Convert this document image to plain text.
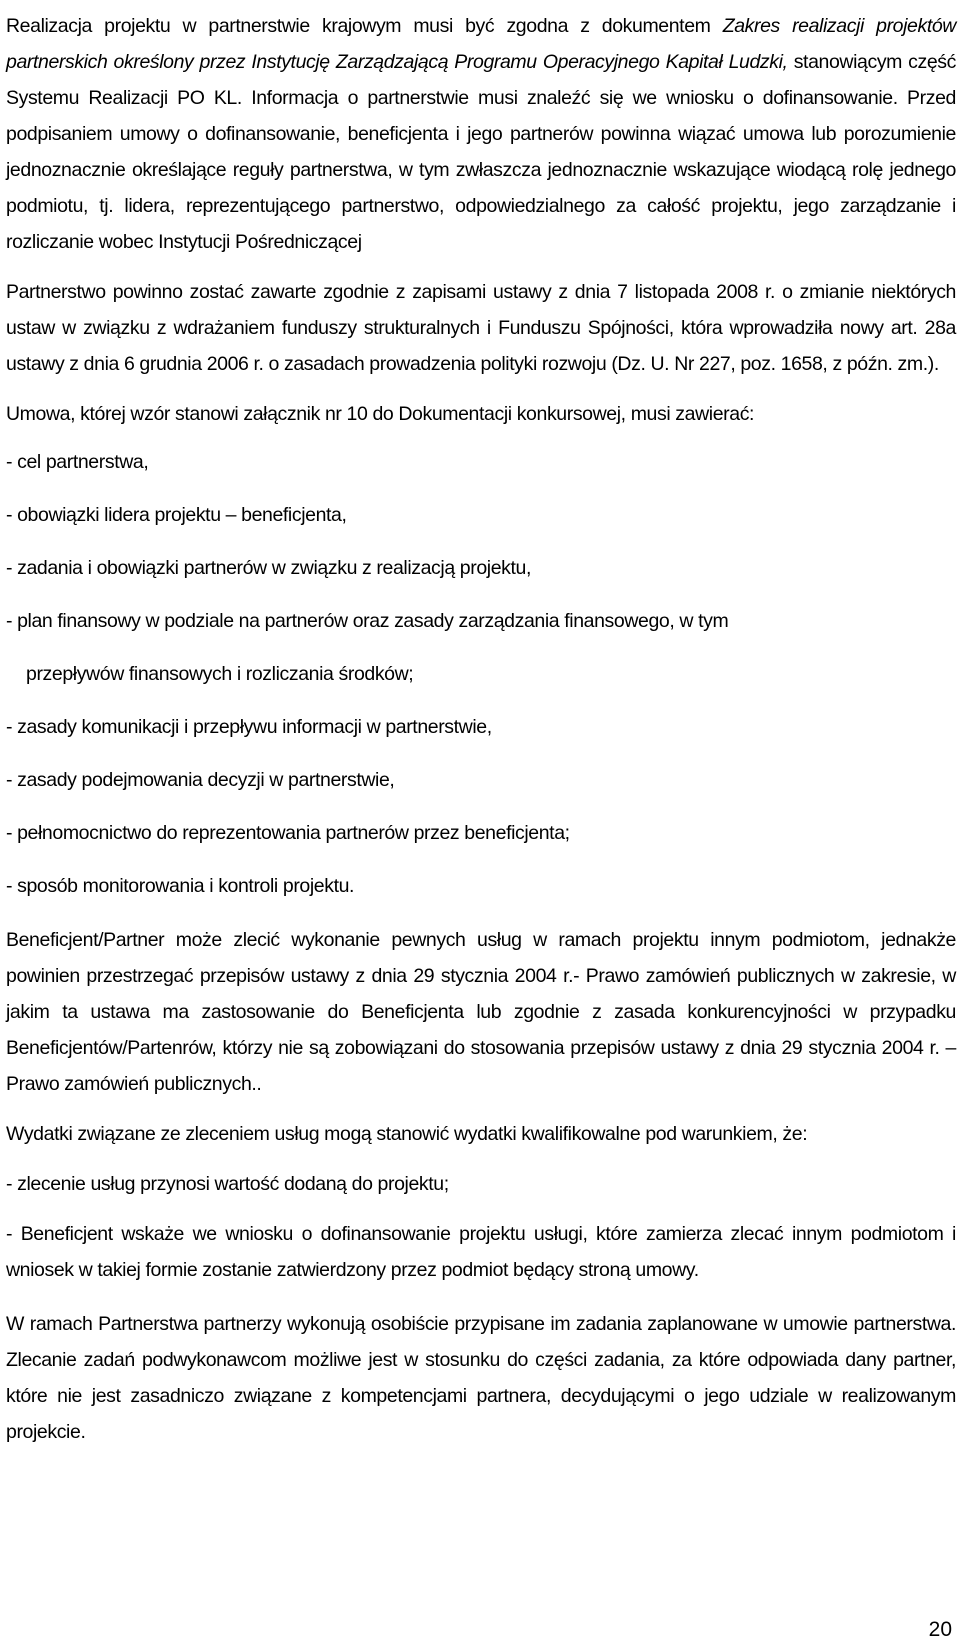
Realizacja projektu w partnerstwie krajowym musi być zgodna z dokumentem Zakres realizacji projektów partnerskich określony przez Instytucję Zarządzającą Programu Operacyjnego Kapitał Ludzki, stanowiącym część Systemu Realizacji PO KL. Informacja o partnerstwie musi znaleźć się we wniosku o dofinansowanie. Przed podpisaniem umowy o dofinansowanie, beneficjenta i jego partnerów powinna wiązać umowa lub porozumienie jednoznacznie określające reguły partnerstwa, w tym zwłaszcza jednoznacznie wskazujące wiodącą rolę jednego podmiotu, tj. lidera, reprezentującego partnerstwo, odpowiedzialnego za całość projektu, jego zarządzanie i rozliczanie wobec Instytucji Pośredniczącej

Partnerstwo powinno zostać zawarte zgodnie z zapisami ustawy z dnia 7 listopada 2008 r. o zmianie niektórych ustaw w związku z wdrażaniem funduszy strukturalnych i Funduszu Spójności, która wprowadziła nowy art. 28a ustawy z dnia 6 grudnia 2006 r. o zasadach prowadzenia polityki rozwoju (Dz. U. Nr 227, poz. 1658, z późn. zm.).

Umowa, której wzór stanowi załącznik nr 10 do Dokumentacji konkursowej, musi zawierać:

- cel partnerstwa,

- obowiązki lidera projektu – beneficjenta,

- zadania i obowiązki partnerów w związku z realizacją projektu,

- plan finansowy w podziale na partnerów oraz zasady zarządzania finansowego, w tym

przepływów finansowych i rozliczania środków;

- zasady komunikacji i przepływu informacji w partnerstwie,

- zasady podejmowania decyzji w partnerstwie,

- pełnomocnictwo do reprezentowania partnerów przez beneficjenta;

- sposób monitorowania i kontroli projektu.

Beneficjent/Partner może zlecić wykonanie pewnych usług w ramach projektu innym podmiotom, jednakże powinien przestrzegać przepisów ustawy z dnia 29 stycznia 2004 r.- Prawo zamówień publicznych w zakresie, w jakim ta ustawa ma zastosowanie do Beneficjenta lub zgodnie z zasada konkurencyjności w przypadku Beneficjentów/Partenrów, którzy nie są zobowiązani do stosowania przepisów ustawy z dnia 29 stycznia 2004 r. – Prawo zamówień publicznych..

Wydatki związane ze zleceniem usług mogą stanowić wydatki kwalifikowalne pod warunkiem, że:

- zlecenie usług przynosi wartość dodaną do projektu;

- Beneficjent wskaże we wniosku o dofinansowanie projektu usługi, które zamierza zlecać innym podmiotom i wniosek w takiej formie zostanie zatwierdzony przez podmiot będący stroną umowy.

W ramach Partnerstwa partnerzy wykonują osobiście przypisane im zadania zaplanowane w umowie partnerstwa. Zlecanie zadań podwykonawcom możliwe jest w stosunku do części zadania, za które odpowiada dany partner, które nie jest zasadniczo związane z kompetencjami partnera, decydującymi o jego udziale w realizowanym projekcie.

20
